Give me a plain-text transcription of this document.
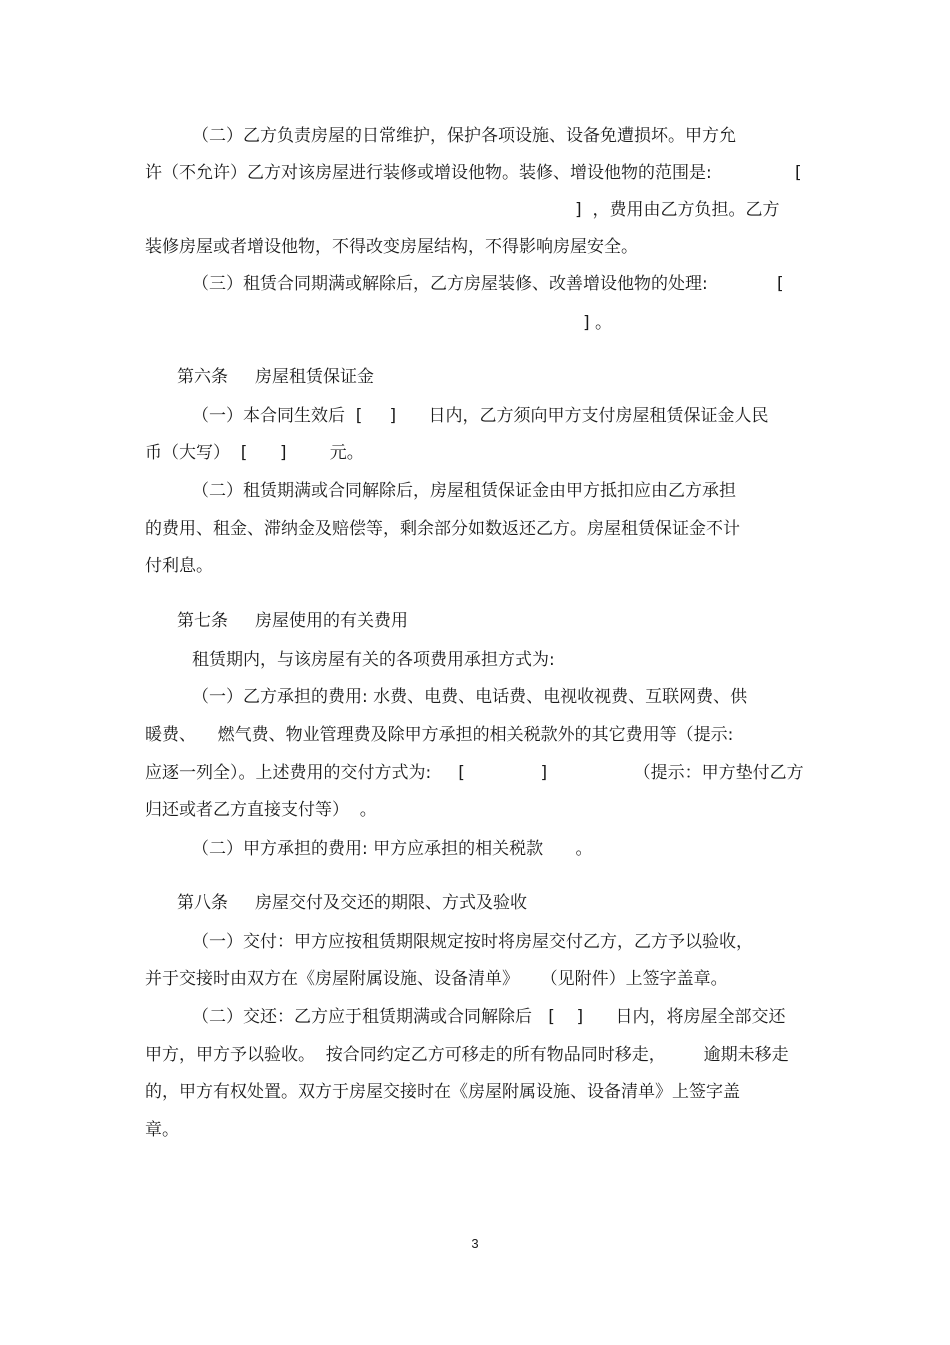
（二）乙方负责房屋的日常维护，保护各项设施、设备免遭损坏。甲方允
许（不允许）乙方对该房屋进行装修或增设他物。装修、增设他物的范围是:	[
]  ，费用由乙方负担。乙方
装修房屋或者增设他物，不得改变房屋结构，不得影响房屋安全。
（三）租赁合同期满或解除后，乙方房屋装修、改善增设他物的处理:	[
] 。
第六条     房屋租赁保证金
（一）本合同生效后  [     ]      日内，乙方须向甲方支付房屋租赁保证金人民
币（大写）  [      ]        元。
（二）租赁期满或合同解除后，房屋租赁保证金由甲方抵扣应由乙方承担
的费用、租金、滞纳金及赔偿等，剩余部分如数返还乙方。房屋租赁保证金不计
付利息。
第七条     房屋使用的有关费用
租赁期内，与该房屋有关的各项费用承担方式为:
（一）乙方承担的费用: 水费、电费、电话费、电视收视费、互联网费、供
暖费、    燃气费、物业管理费及除甲方承担的相关税款外的其它费用等（提示:
应逐一列全）。上述费用的交付方式为:     [              ]                （提示：甲方垫付乙方
归还或者乙方直接支付等）  。
（二）甲方承担的费用: 甲方应承担的相关税款      。
第八条     房屋交付及交还的期限、方式及验收
（一）交付：甲方应按租赁期限规定按时将房屋交付乙方，乙方予以验收，
并于交接时由双方在《房屋附属设施、设备清单》    （见附件）上签字盖章。
（二）交还：乙方应于租赁期满或合同解除后   [    ]      日内，将房屋全部交还
甲方，甲方予以验收。  按合同约定乙方可移走的所有物品同时移走，       逾期未移走
的，甲方有权处置。双方于房屋交接时在《房屋附属设施、设备清单》上签字盖
章。
3
